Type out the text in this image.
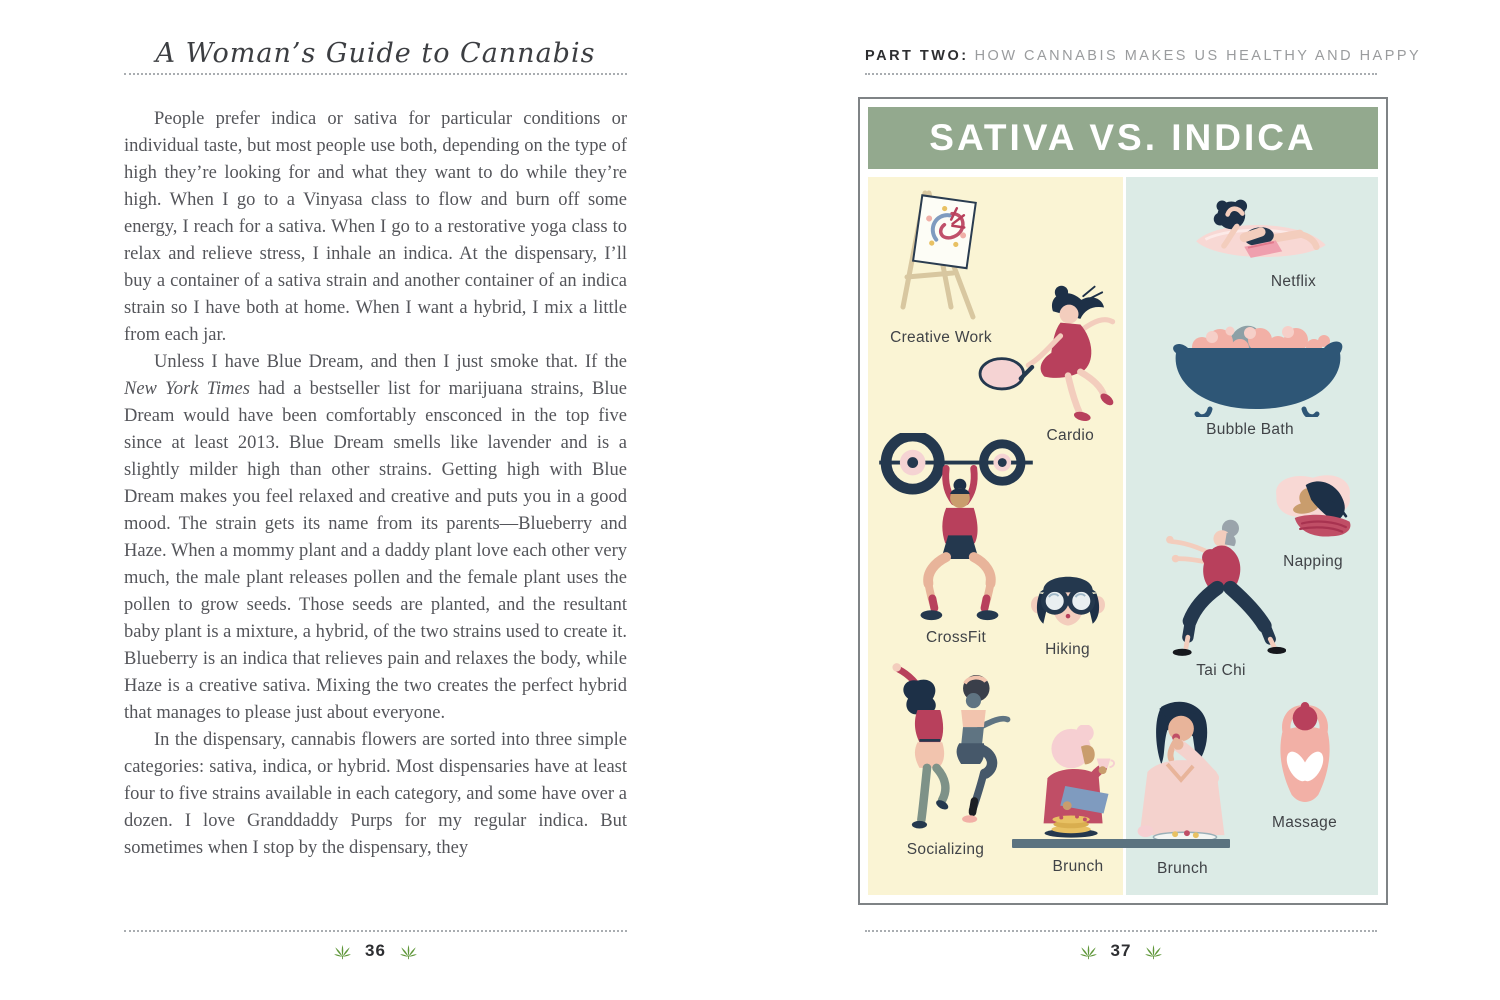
A Woman’s Guide to Cannabis

People prefer indica or sativa for particular conditions or individual taste, but most people use both, depending on the type of high they’re looking for and what they want to do while they’re high. When I go to a Vinyasa class to flow and burn off some energy, I reach for a sativa. When I go to a restorative yoga class to relax and relieve stress, I inhale an indica. At the dispensary, I’ll buy a container of a sativa strain and another container of an indica strain so I have both at home. When I want a hybrid, I mix a little from each jar.

Unless I have Blue Dream, and then I just smoke that. If the New York Times had a bestseller list for marijuana strains, Blue Dream would have been comfortably ensconced in the top five since at least 2013. Blue Dream smells like lavender and is a slightly milder high than other strains. Getting high with Blue Dream makes you feel relaxed and creative and puts you in a good mood. The strain gets its name from its parents—Blueberry and Haze. When a mommy plant and a daddy plant love each other very much, the male plant releases pollen and the female plant uses the pollen to grow seeds. Those seeds are planted, and the resultant baby plant is a mixture, a hybrid, of the two strains used to create it. Blueberry is an indica that relieves pain and relaxes the body, while Haze is a creative sativa. Mixing the two creates the perfect hybrid that manages to please just about everyone.

In the dispensary, cannabis flowers are sorted into three simple categories: sativa, indica, or hybrid. Most dispensaries have at least four to five strains available in each category, and some have over a dozen. I love Granddaddy Purps for my regular indica. But sometimes when I stop by the dispensary, they

36
PART TWO: HOW CANNABIS MAKES US HEALTHY AND HAPPY
SATIVA VS. INDICA
Creative Work
Cardio
CrossFit
Hiking
Socializing
Brunch
Netflix
Bubble Bath
Napping
Tai Chi
Massage
Brunch
37
